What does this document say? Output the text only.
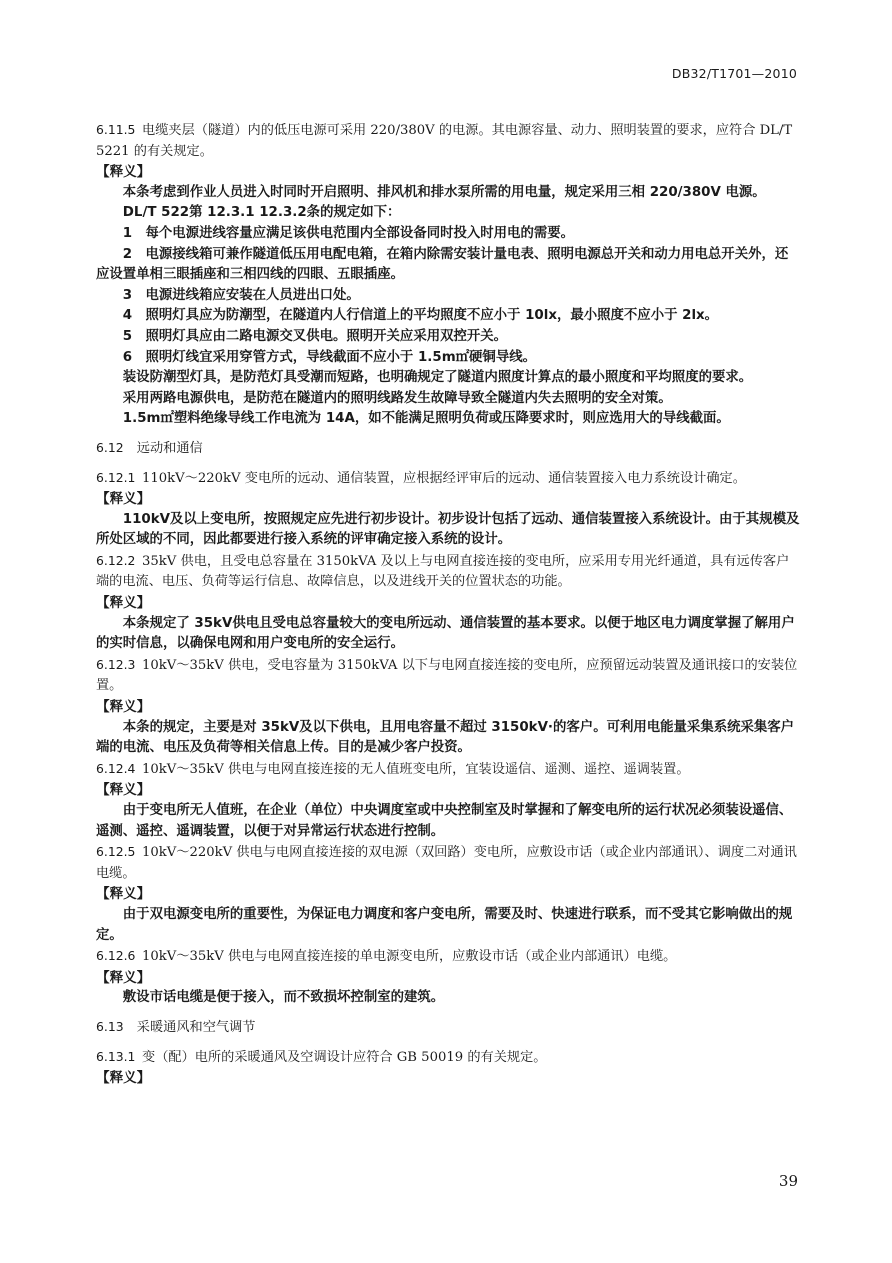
DB32/T1701—2010

6.11.5  电缆夹层（隧道）内的低压电源可采用 220/380V 的电源。其电源容量、动力、照明装置的要求，应符合 DL/T 5221 的有关规定。

【释义】

本条考虑到作业人员进入时同时开启照明、排风机和排水泵所需的用电量，规定采用三相 220/380V 电源。

DL/T 522第 12.3.1 12.3.2条的规定如下：

1　每个电源进线容量应满足该供电范围内全部设备同时投入时用电的需要。

2　电源接线箱可兼作隧道低压用电配电箱，在箱内除需安装计量电表、照明电源总开关和动力用电总开关外，还应设置单相三眼插座和三相四线的四眼、五眼插座。

3　电源进线箱应安装在人员进出口处。

4　照明灯具应为防潮型，在隧道内人行信道上的平均照度不应小于 10lx，最小照度不应小于 2lx。

5　照明灯具应由二路电源交叉供电。照明开关应采用双控开关。

6　照明灯线宜采用穿管方式，导线截面不应小于 1.5m㎡硬铜导线。

装设防潮型灯具，是防范灯具受潮而短路，也明确规定了隧道内照度计算点的最小照度和平均照度的要求。

采用两路电源供电，是防范在隧道内的照明线路发生故障导致全隧道内失去照明的安全对策。

1.5m㎡塑料绝缘导线工作电流为 14A，如不能满足照明负荷或压降要求时，则应选用大的导线截面。

6.12  远动和通信

6.12.1  110kV～220kV 变电所的远动、通信装置，应根据经评审后的远动、通信装置接入电力系统设计确定。

【释义】

110kV及以上变电所，按照规定应先进行初步设计。初步设计包括了远动、通信装置接入系统设计。由于其规模及所处区域的不同，因此都要进行接入系统的评审确定接入系统的设计。

6.12.2  35kV 供电，且受电总容量在 3150kVA 及以上与电网直接连接的变电所，应采用专用光纤通道，具有远传客户端的电流、电压、负荷等运行信息、故障信息，以及进线开关的位置状态的功能。

【释义】

本条规定了 35kV供电且受电总容量较大的变电所远动、通信装置的基本要求。以便于地区电力调度掌握了解用户的实时信息，以确保电网和用户变电所的安全运行。

6.12.3  10kV～35kV 供电，受电容量为 3150kVA 以下与电网直接连接的变电所，应预留远动装置及通讯接口的安装位置。

【释义】

本条的规定，主要是对 35kV及以下供电，且用电容量不超过 3150kV·的客户。可利用电能量采集系统采集客户端的电流、电压及负荷等相关信息上传。目的是减少客户投资。

6.12.4  10kV～35kV 供电与电网直接连接的无人值班变电所，宜装设遥信、遥测、遥控、遥调装置。

【释义】

由于变电所无人值班，在企业（单位）中央调度室或中央控制室及时掌握和了解变电所的运行状况必须装设遥信、遥测、遥控、遥调装置，以便于对异常运行状态进行控制。

6.12.5  10kV～220kV 供电与电网直接连接的双电源（双回路）变电所，应敷设市话（或企业内部通讯）、调度二对通讯电缆。

【释义】

由于双电源变电所的重要性，为保证电力调度和客户变电所，需要及时、快速进行联系，而不受其它影响做出的规定。

6.12.6  10kV～35kV 供电与电网直接连接的单电源变电所，应敷设市话（或企业内部通讯）电缆。

【释义】

敷设市话电缆是便于接入，而不致损坏控制室的建筑。

6.13  采暖通风和空气调节

6.13.1  变（配）电所的采暖通风及空调设计应符合 GB 50019 的有关规定。

【释义】

39
